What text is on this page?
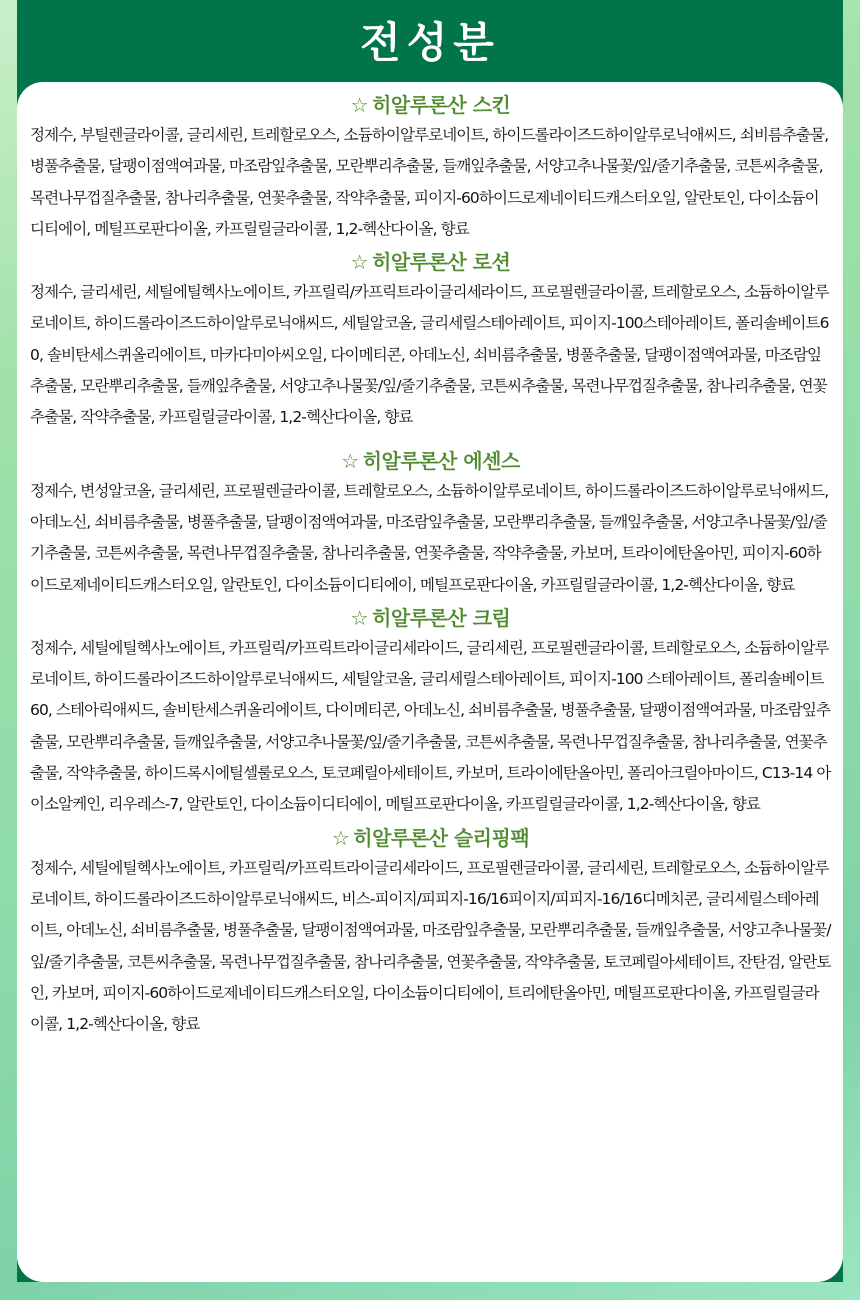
전성분
☆ 히알루론산 스킨

정제수, 부틸렌글라이콜, 글리세린, 트레할로오스, 소듐하이알루로네이트, 하이드롤라이즈드하이알루로닉애씨드, 쇠비름추출물, 병풀추출물, 달팽이점액여과물, 마조람잎추출물, 모란뿌리추출물, 들깨잎추출물, 서양고추나물꽃/잎/줄기추출물, 코튼씨추출물, 목련나무껍질추출물, 참나리추출물, 연꽃추출물, 작약추출물, 피이지-60하이드로제네이티드캐스터오일, 알란토인, 다이소듐이디티에이, 메틸프로판다이올, 카프릴릴글라이콜, 1,2-헥산다이올, 향료

☆ 히알루론산 로션

정제수, 글리세린, 세틸에틸헥사노에이트, 카프릴릭/카프릭트라이글리세라이드, 프로필렌글라이콜, 트레할로오스, 소듐하이알루로네이트, 하이드롤라이즈드하이알루로닉애씨드, 세틸알코올, 글리세릴스테아레이트, 피이지-100스테아레이트, 폴리솔베이트60, 솔비탄세스퀴올리에이트, 마카다미아씨오일, 다이메티콘, 아데노신, 쇠비름추출물, 병풀추출물, 달팽이점액여과물, 마조람잎추출물, 모란뿌리추출물, 들깨잎추출물, 서양고추나물꽃/잎/줄기추출물, 코튼씨추출물, 목련나무껍질추출물, 참나리추출물, 연꽃추출물, 작약추출물, 카프릴릴글라이콜, 1,2-헥산다이올, 향료

☆ 히알루론산 에센스

정제수, 변성알코올, 글리세린, 프로필렌글라이콜, 트레할로오스, 소듐하이알루로네이트, 하이드롤라이즈드하이알루로닉애씨드, 아데노신, 쇠비름추출물, 병풀추출물, 달팽이점액여과물, 마조람잎추출물, 모란뿌리추출물, 들깨잎추출물, 서양고추나물꽃/잎/줄기추출물, 코튼씨추출물, 목련나무껍질추출물, 참나리추출물, 연꽃추출물, 작약추출물, 카보머, 트라이에탄올아민, 피이지-60하이드로제네이티드캐스터오일, 알란토인, 다이소듐이디티에이, 메틸프로판다이올, 카프릴릴글라이콜, 1,2-헥산다이올, 향료

☆ 히알루론산 크림

정제수, 세틸에틸헥사노에이트, 카프릴릭/카프릭트라이글리세라이드, 글리세린, 프로필렌글라이콜, 트레할로오스, 소듐하이알루로네이트, 하이드롤라이즈드하이알루로닉애씨드, 세틸알코올, 글리세릴스테아레이트, 피이지-100 스테아레이트, 폴리솔베이트60, 스테아릭애씨드, 솔비탄세스퀴올리에이트, 다이메티콘, 아데노신, 쇠비름추출물, 병풀추출물, 달팽이점액여과물, 마조람잎추출물, 모란뿌리추출물, 들깨잎추출물, 서양고추나물꽃/잎/줄기추출물, 코튼씨추출물, 목련나무껍질추출물, 참나리추출물, 연꽃추출물, 작약추출물, 하이드록시에틸셀룰로오스, 토코페릴아세테이트, 카보머, 트라이에탄올아민, 폴리아크릴아마이드, C13-14 아이소알케인, 리우레스-7, 알란토인, 다이소듐이디티에이, 메틸프로판다이올, 카프릴릴글라이콜, 1,2-헥산다이올, 향료

☆ 히알루론산 슬리핑팩

정제수, 세틸에틸헥사노에이트, 카프릴릭/카프릭트라이글리세라이드, 프로필렌글라이콜, 글리세린, 트레할로오스, 소듐하이알루로네이트, 하이드롤라이즈드하이알루로닉애씨드, 비스-피이지/피피지-16/16피이지/피피지-16/16디메치콘, 글리세릴스테아레이트, 아데노신, 쇠비름추출물, 병풀추출물, 달팽이점액여과물, 마조람잎추출물, 모란뿌리추출물, 들깨잎추출물, 서양고추나물꽃/잎/줄기추출물, 코튼씨추출물, 목련나무껍질추출물, 참나리추출물, 연꽃추출물, 작약추출물, 토코페릴아세테이트, 잔탄검, 알란토인, 카보머, 피이지-60하이드로제네이티드캐스터오일, 다이소듐이디티에이, 트리에탄올아민, 메틸프로판다이올, 카프릴릴글라이콜, 1,2-헥산다이올, 향료
